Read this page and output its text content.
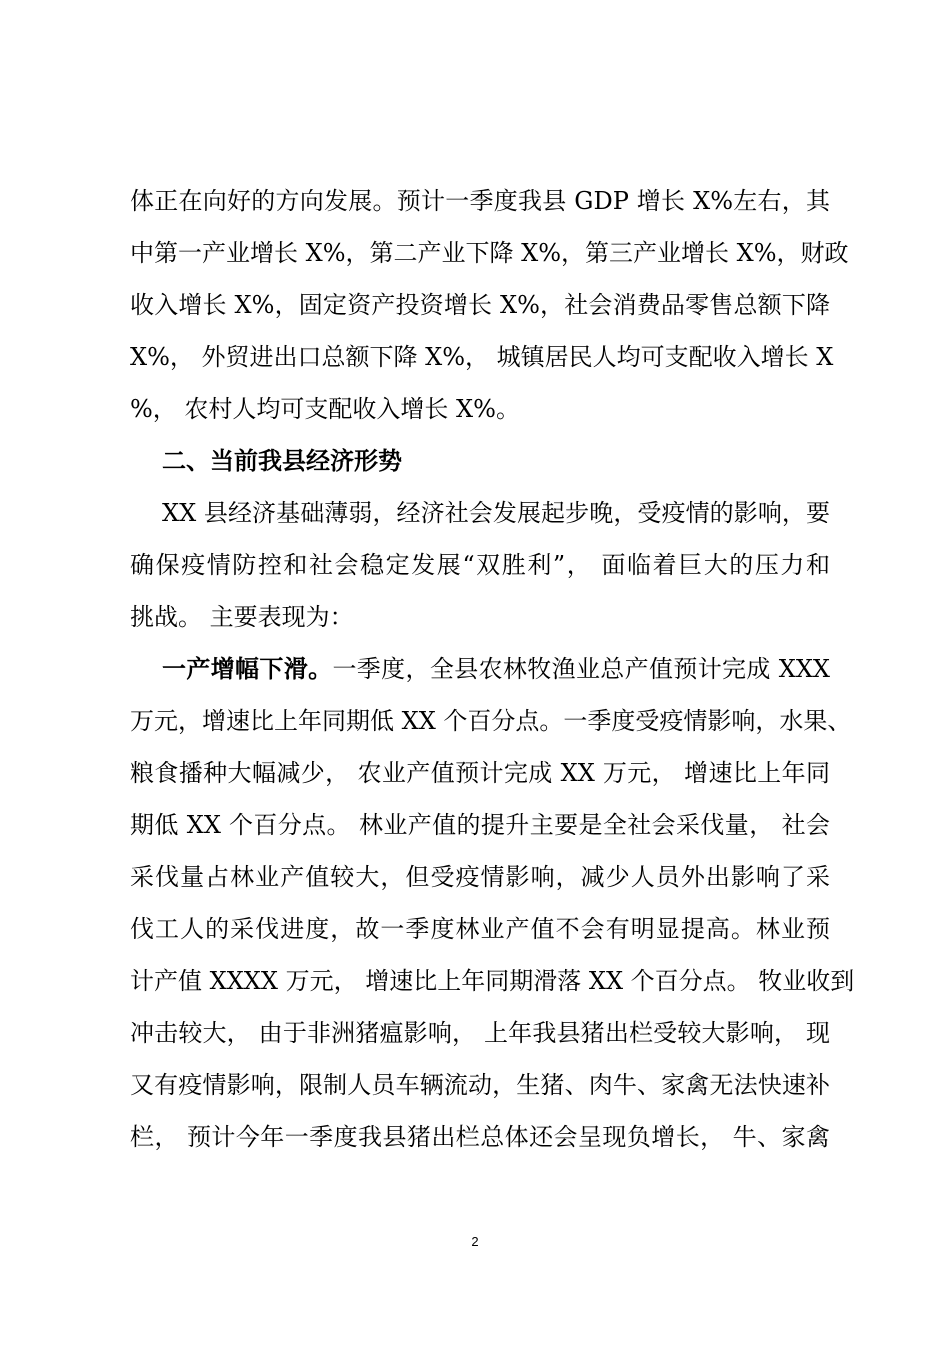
体正在向好的方向发展。预计一季度我县 GDP 增长 X%左右，其
中第一产业增长 X%，第二产业下降 X%，第三产业增长 X%，财政
收入增长 X%，固定资产投资增长 X%，社会消费品零售总额下降
X%， 外贸进出口总额下降 X%， 城镇居民人均可支配收入增长 X
%， 农村人均可支配收入增长 X%。
二、当前我县经济形势
XX 县经济基础薄弱，经济社会发展起步晚，受疫情的影响，要
确保疫情防控和社会稳定发展“双胜利”， 面临着巨大的压力和
挑战。 主要表现为：
一产增幅下滑。一季度，全县农林牧渔业总产值预计完成 XXX
万元，增速比上年同期低 XX 个百分点。一季度受疫情影响，水果、
粮食播种大幅减少， 农业产值预计完成 XX 万元， 增速比上年同
期低 XX 个百分点。 林业产值的提升主要是全社会采伐量， 社会
采伐量占林业产值较大，但受疫情影响，减少人员外出影响了采
伐工人的采伐进度，故一季度林业产值不会有明显提高。林业预
计产值 XXXX 万元， 增速比上年同期滑落 XX 个百分点。 牧业收到
冲击较大， 由于非洲猪瘟影响， 上年我县猪出栏受较大影响， 现
又有疫情影响，限制人员车辆流动，生猪、肉牛、家禽无法快速补
栏， 预计今年一季度我县猪出栏总体还会呈现负增长， 牛、家禽
2
